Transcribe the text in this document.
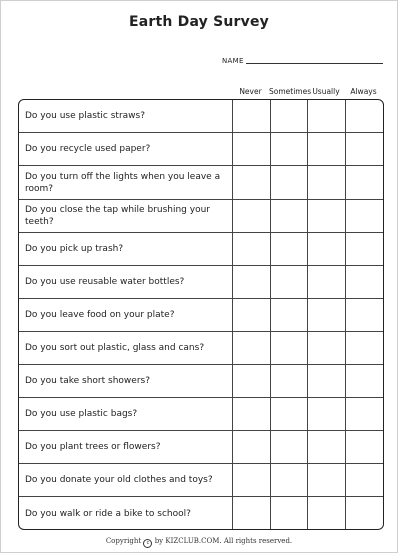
Earth Day Survey
NAME
Never Sometimes Usually	Always
Do you use plastic straws?
Do you recycle used paper?
Do you turn off the lights when you leave a room?
Do you close the tap while brushing your teeth?
Do you pick up trash?
Do you use reusable water bottles?
Do you leave food on your plate?
Do you sort out plastic, glass and cans?
Do you take short showers?
Do you use plastic bags?
Do you plant trees or flowers?
Do you donate your old clothes and toys?
Do you walk or ride a bike to school?
Copyright c by KIZCLUB.COM. All rights reserved.
